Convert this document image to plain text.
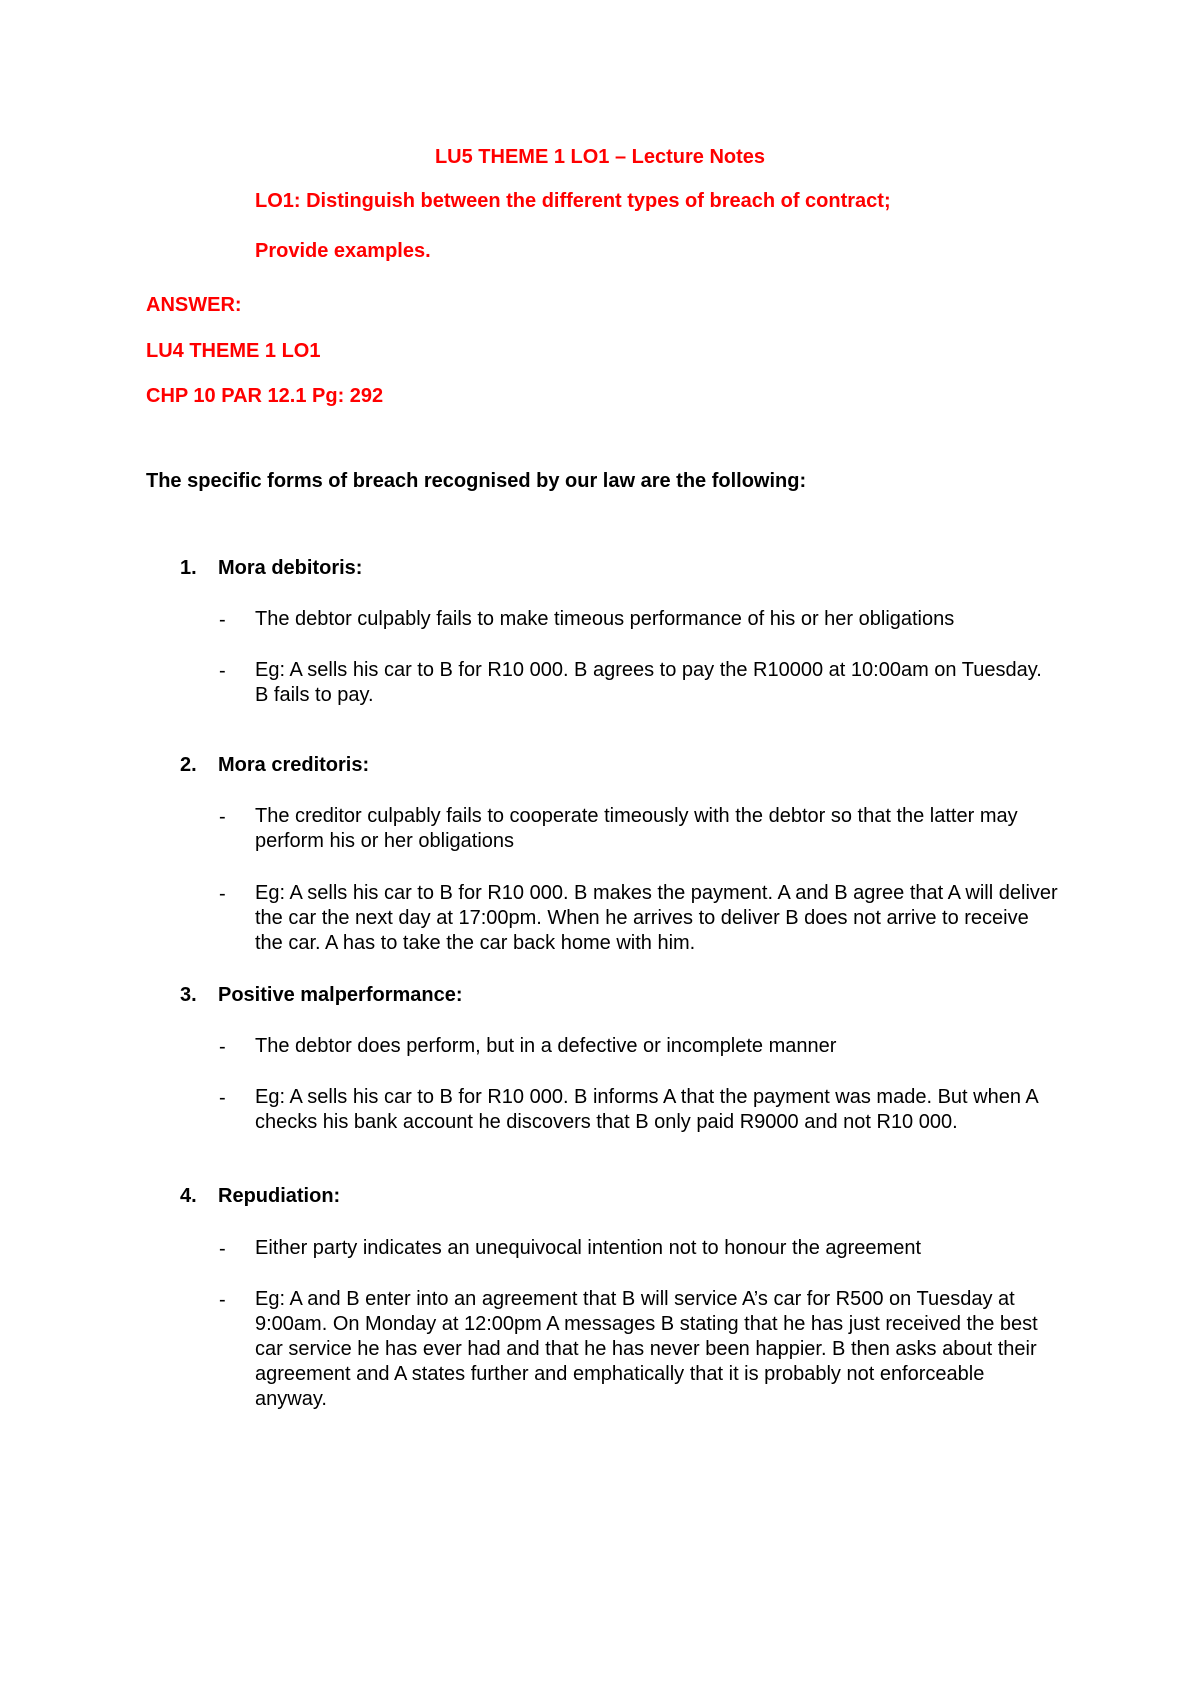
LU5 THEME 1 LO1 – Lecture Notes
LO1: Distinguish between the different types of breach of contract;
Provide examples.
ANSWER:
LU4 THEME 1 LO1
CHP 10 PAR 12.1 Pg: 292
The specific forms of breach recognised by our law are the following:
1. Mora debitoris:
- The debtor culpably fails to make timeous performance of his or her obligations
- Eg: A sells his car to B for R10 000. B agrees to pay the R10000 at 10:00am on Tuesday. B fails to pay.
2. Mora creditoris:
- The creditor culpably fails to cooperate timeously with the debtor so that the latter may perform his or her obligations
- Eg: A sells his car to B for R10 000. B makes the payment. A and B agree that A will deliver the car the next day at 17:00pm. When he arrives to deliver B does not arrive to receive the car. A has to take the car back home with him.
3. Positive malperformance:
- The debtor does perform, but in a defective or incomplete manner
- Eg: A sells his car to B for R10 000. B informs A that the payment was made. But when A checks his bank account he discovers that B only paid R9000 and not R10 000.
4. Repudiation:
- Either party indicates an unequivocal intention not to honour the agreement
- Eg: A and B enter into an agreement that B will service A’s car for R500 on Tuesday at 9:00am. On Monday at 12:00pm A messages B stating that he has just received the best car service he has ever had and that he has never been happier. B then asks about their agreement and A states further and emphatically that it is probably not enforceable anyway.
